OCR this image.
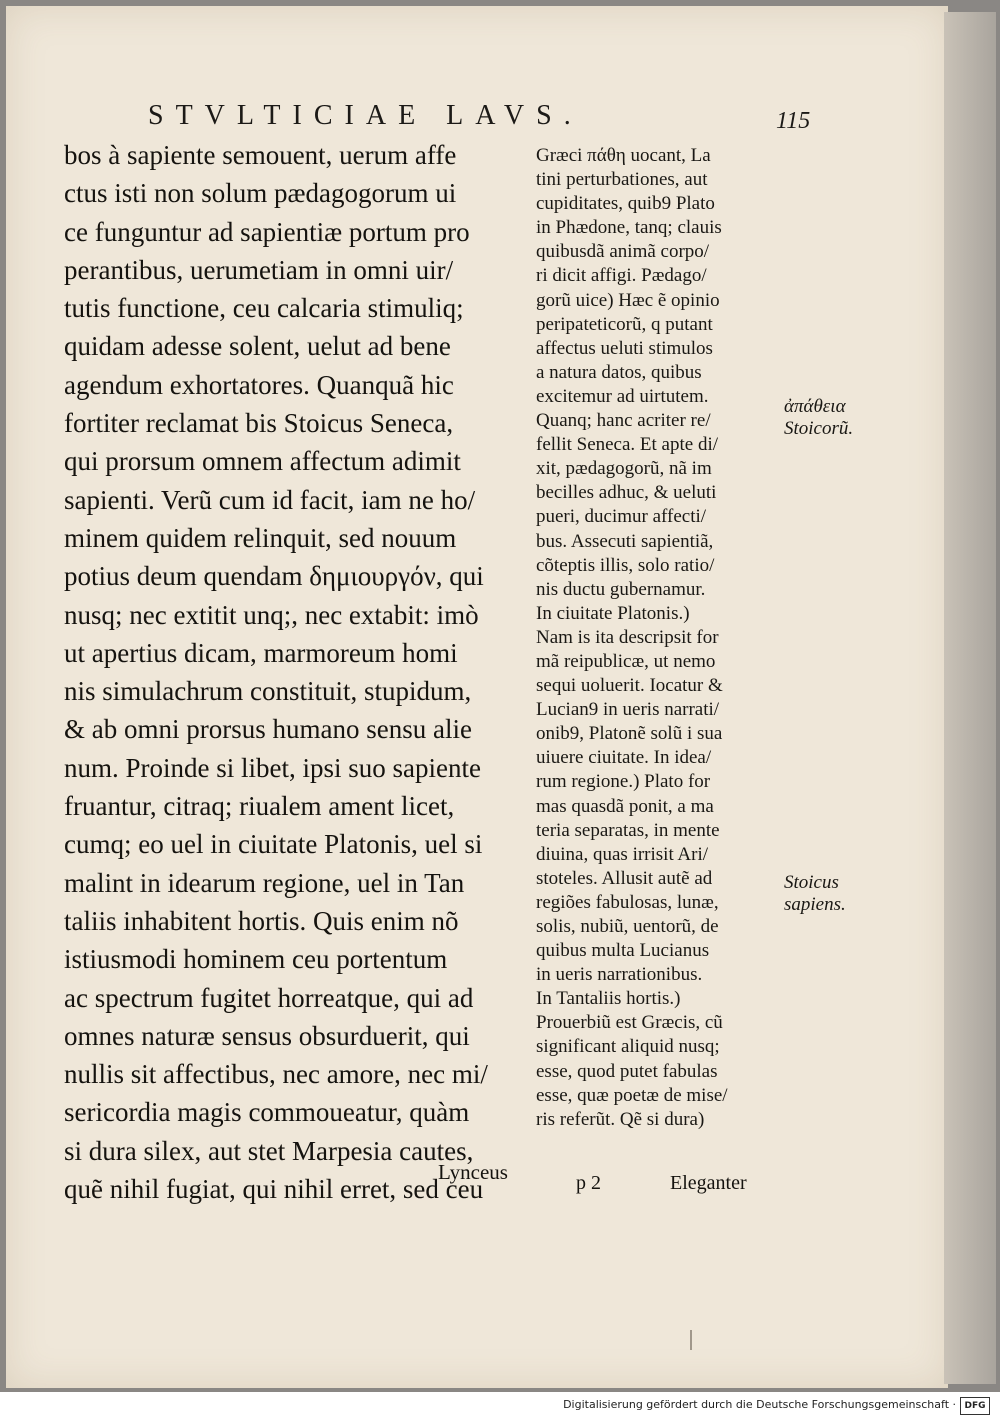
STVLTICIAE LAVS.	115
bos à sapiente semouent, uerum affe
ctus isti non solum pædagogorum ui
ce funguntur ad sapientiæ portum pro
perantibus, uerumetiam in omni uir/
tutis functione, ceu calcaria stimuliq;
quidam adesse solent, uelut ad bene
agendum exhortatores. Quanquã hic
fortiter reclamat bis Stoicus Seneca,
qui prorsum omnem affectum adimit
sapienti. Verũ cum id facit, iam ne ho/
minem quidem relinquit, sed nouum
potius deum quendam δημιουργόν, qui
nusq; nec extitit unq;, nec extabit: imò
ut apertius dicam, marmoreum homi
nis simulachrum constituit, stupidum,
& ab omni prorsus humano sensu alie
num. Proinde si libet, ipsi suo sapiente
fruantur, citraq; riualem ament licet,
cumq; eo uel in ciuitate Platonis, uel si
malint in idearum regione, uel in Tan
taliis inhabitent hortis. Quis enim nõ
istiusmodi hominem ceu portentum
ac spectrum fugitet horreatque, qui ad
omnes naturæ sensus obsurduerit, qui
nullis sit affectibus, nec amore, nec mi/
sericordia magis commoueatur, quàm
si dura silex, aut stet Marpesia cautes,
quẽ nihil fugiat, qui nihil erret, sed ceu
Lynceus
Græci πάθη uocant, La
tini perturbationes, aut
cupiditates, quib9 Plato
in Phædone, tanq; clauis
quibusdã animã corpo/
ri dicit affigi. Pædago/
gorũ uice) Hæc ẽ opinio
peripateticorũ, q putant
affectus ueluti stimulos
a natura datos, quibus
excitemur ad uirtutem.
Quanq; hanc acriter re/
fellit Seneca. Et apte di/
xit, pædagogorũ, nã im
becilles adhuc, & ueluti
pueri, ducimur affecti/
bus. Assecuti sapientiã,
cõteptis illis, solo ratio/
nis ductu gubernamur.
In ciuitate Platonis.)
Nam is ita descripsit for
mã reipublicæ, ut nemo
sequi uoluerit. Iocatur &
Lucian9 in ueris narrati/
onib9, Platonẽ solũ i sua
uiuere ciuitate. In idea/
rum regione.) Plato for
mas quasdã ponit, a ma
teria separatas, in mente
diuina, quas irrisit Ari/
stoteles. Allusit autẽ ad
regiões fabulosas, lunæ,
solis, nubiũ, uentorũ, de
quibus multa Lucianus
in ueris narrationibus.
In Tantaliis hortis.)
Prouerbiũ est Græcis, cũ
significant aliquid nusq;
esse, quod putet fabulas
esse, quæ poetæ de mise/
ris referũt. Qẽ si dura)
ἀπάθεια
Stoicorũ.
Stoicus
sapiens.
p 2	Eleganter
Digitalisierung gefördert durch die Deutsche Forschungsgemeinschaft · DFG
